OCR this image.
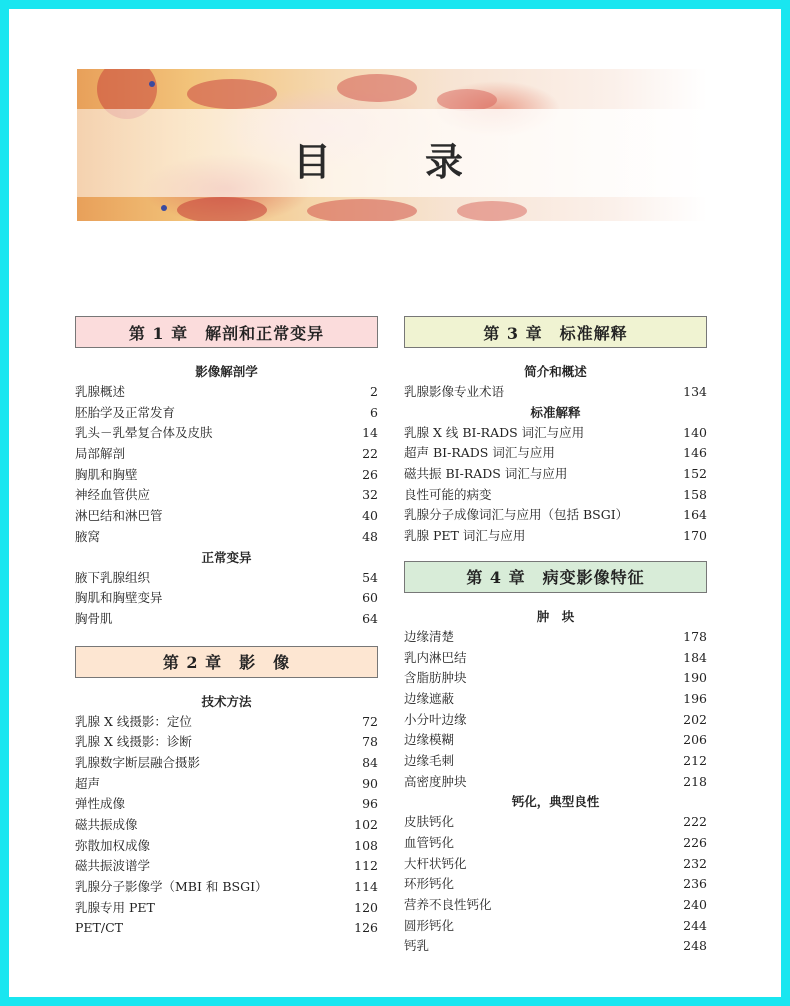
目　录
第 1 章　解剖和正常变异
影像解剖学
乳腺概述	2
胚胎学及正常发育	6
乳头－乳晕复合体及皮肤	14
局部解剖	22
胸肌和胸壁	26
神经血管供应	32
淋巴结和淋巴管	40
腋窝	48
正常变异
腋下乳腺组织	54
胸肌和胸壁变异	60
胸骨肌	64
第 2 章　影　像
技术方法
乳腺 X 线摄影：定位	72
乳腺 X 线摄影：诊断	78
乳腺数字断层融合摄影	84
超声	90
弹性成像	96
磁共振成像	102
弥散加权成像	108
磁共振波谱学	112
乳腺分子影像学（MBI 和 BSGI）	114
乳腺专用 PET	120
PET/CT	126
第 3 章　标准解释
简介和概述
乳腺影像专业术语	134
标准解释
乳腺 X 线 BI-RADS 词汇与应用	140
超声 BI-RADS 词汇与应用	146
磁共振 BI-RADS 词汇与应用	152
良性可能的病变	158
乳腺分子成像词汇与应用（包括 BSGI）	164
乳腺 PET 词汇与应用	170
第 4 章　病变影像特征
肿　块
边缘清楚	178
乳内淋巴结	184
含脂肪肿块	190
边缘遮蔽	196
小分叶边缘	202
边缘模糊	206
边缘毛刺	212
高密度肿块	218
钙化，典型良性
皮肤钙化	222
血管钙化	226
大杆状钙化	232
环形钙化	236
营养不良性钙化	240
圆形钙化	244
钙乳	248
